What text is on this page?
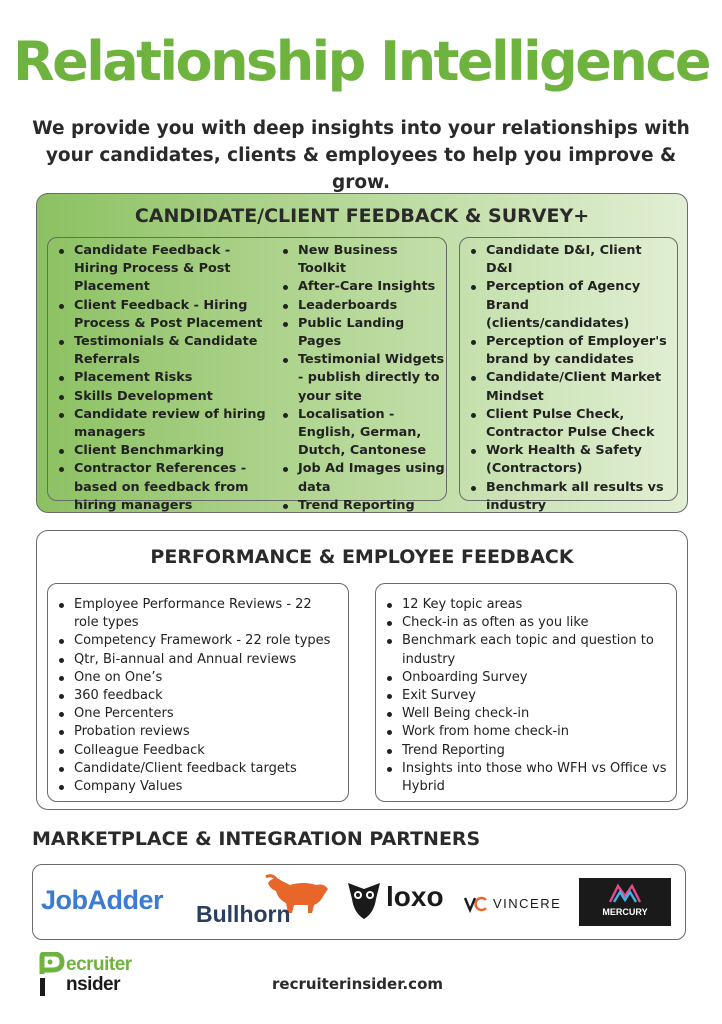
Relationship Intelligence
We provide you with deep insights into your relationships with
your candidates, clients & employees to help you improve & grow.
CANDIDATE/CLIENT FEEDBACK & SURVEY+
Candidate Feedback - Hiring Process & Post Placement
Client Feedback - Hiring Process & Post Placement
Testimonials & Candidate Referrals
Placement Risks
Skills Development
Candidate review of hiring managers
Client Benchmarking
Contractor References - based on feedback from hiring managers
New Business Toolkit
After-Care Insights
Leaderboards
Public Landing Pages
Testimonial Widgets - publish directly to your site
Localisation - English, German, Dutch, Cantonese
Job Ad Images using data
Trend Reporting
Candidate D&I, Client D&I
Perception of Agency Brand (clients/candidates)
Perception of Employer's brand by candidates
Candidate/Client Market Mindset
Client Pulse Check, Contractor Pulse Check
Work Health & Safety (Contractors)
Benchmark all results vs industry
PERFORMANCE & EMPLOYEE FEEDBACK
Employee Performance Reviews - 22 role types
Competency Framework - 22 role types
Qtr, Bi-annual and Annual reviews
One on One’s
360 feedback
One Percenters
Probation reviews
Colleague Feedback
Candidate/Client feedback targets
Company Values
12 Key topic areas
Check-in as often as you like
Benchmark each topic and question to industry
Onboarding Survey
Exit Survey
Well Being check-in
Work from home check-in
Trend Reporting
Insights into those who WFH vs Office vs Hybrid
MARKETPLACE & INTEGRATION PARTNERS
JobAdder Bullhorn
loxo	VINCERE
MERCURY
ecruiter
nsider	recruiterinsider.com
